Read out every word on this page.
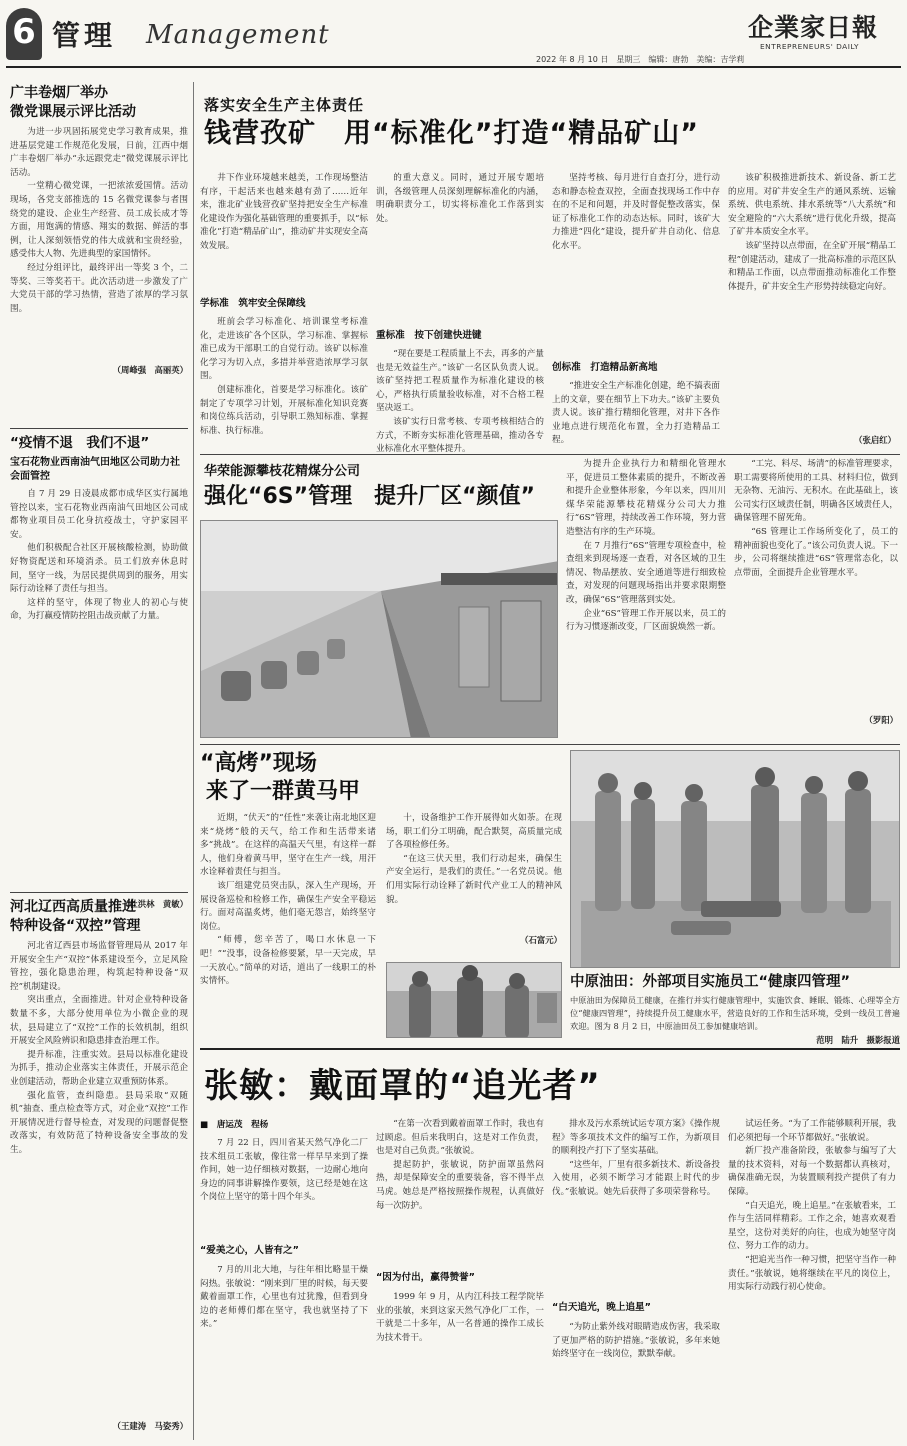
6 管理 Management	企業家日報
ENTREPRENEURS' DAILY
2022 年 8 月 10 日　星期三　编辑：唐勃　美编：吉学莉
广丰卷烟厂举办
微党课展示评比活动

为进一步巩固拓展党史学习教育成果，推进基层党建工作规范化发展，日前，江西中烟广丰卷烟厂举办“永远跟党走”微党课展示评比活动。

一堂精心微党课，一把浓浓爱国情。活动现场，各党支部推选的 15 名微党课参与者围绕党的建设、企业生产经营、员工成长成才等方面，用饱满的情感、翔实的数据、鲜活的事例，让人深刻领悟党的伟大成就和宝贵经验，感受伟大人物、先进典型的家国情怀。

经过分组评比，最终评出一等奖 3 个，二等奖、三等奖若干。此次活动进一步激发了广大党员干部的学习热情，营造了浓厚的学习氛围。

（周峰强　高丽英）
“疫情不退　我们不退”
宝石花物业西南油气田地区公司助力社会面管控

自 7 月 29 日凌晨成都市成华区实行属地管控以来，宝石花物业西南油气田地区公司成都物业项目员工化身抗疫战士，守护家园平安。

他们积极配合社区开展核酸检测，协助做好物资配送和环境消杀。员工们放弃休息时间，坚守一线，为居民提供周到的服务，用实际行动诠释了责任与担当。

这样的坚守，体现了物业人的初心与使命，为打赢疫情防控阻击战贡献了力量。

（杜洪林　黄敏）
河北辽西高质量推进
特种设备“双控”管理

河北省辽西县市场监督管理局从 2017 年开展安全生产“双控”体系建设至今，立足风险管控，强化隐患治理，构筑起特种设备“双控”机制建设。

突出重点，全面推进。针对企业特种设备数量不多，大部分使用单位为小微企业的现状，县局建立了“双控”工作的长效机制，组织开展安全风险辨识和隐患排查治理工作。

提升标准，注重实效。县局以标准化建设为抓手，推动企业落实主体责任，开展示范企业创建活动，帮助企业建立双重预防体系。

强化监管，查纠隐患。县局采取“双随机”抽查、重点检查等方式，对企业“双控”工作开展情况进行督导检查，对发现的问题督促整改落实，有效防范了特种设备安全事故的发生。

（王建涛　马姿秀）
落实安全生产主体责任
钱营孜矿　用“标准化”打造“精品矿山”

井下作业环境越来越美，工作现场整洁有序，干起活来也越来越有劲了……近年来，淮北矿业钱营孜矿坚持把安全生产标准化建设作为强化基础管理的重要抓手，以“标准化”打造“精品矿山”，推动矿井实现安全高效发展。

学标准　筑牢安全保障线

班前会学习标准化、培训课堂考标准化，走进该矿各个区队，学习标准、掌握标准已成为干部职工的自觉行动。该矿以标准化学习为切入点，多措并举营造浓厚学习氛围。

创建标准化，首要是学习标准化。该矿制定了专项学习计划，开展标准化知识竞赛和岗位练兵活动，引导职工熟知标准、掌握标准、执行标准。

的重大意义。同时，通过开展专题培训，各级管理人员深刻理解标准化的内涵，明确职责分工，切实将标准化工作落到实处。

重标准　按下创建快进键

“现在要是工程质量上不去，再多的产量也是无效益生产。”该矿一名区队负责人说。该矿坚持把工程质量作为标准化建设的核心，严格执行质量验收标准，对不合格工程坚决返工。

该矿实行日常考核、专项考核相结合的方式，不断夯实标准化管理基础，推动各专业标准化水平整体提升。

坚持考核、每月进行自查打分，进行动态和静态检查双控，全面查找现场工作中存在的不足和问题，并及时督促整改落实，保证了标准化工作的动态达标。同时，该矿大力推进“四化”建设，提升矿井自动化、信息化水平。

创标准　打造精品新高地

“推进安全生产标准化创建，绝不搞表面上的文章，要在细节上下功夫。”该矿主要负责人说。该矿推行精细化管理，对井下各作业地点进行规范化布置，全力打造精品工程。

该矿积极推进新技术、新设备、新工艺的应用。对矿井安全生产的通风系统、运输系统、供电系统、排水系统等“八大系统”和安全避险的“六大系统”进行优化升级，提高了矿井本质安全水平。

该矿坚持以点带面，在全矿开展“精品工程”创建活动，建成了一批高标准的示范区队和精品工作面，以点带面推动标准化工作整体提升，矿井安全生产形势持续稳定向好。

（张启红）
华荣能源攀枝花精煤分公司
强化“6S”管理　提升厂区“颜值”

为提升企业执行力和精细化管理水平，促进员工整体素质的提升，不断改善和提升企业整体形象，今年以来，四川川煤华荣能源攀枝花精煤分公司大力推行“6S”管理，持续改善工作环境，努力营造整洁有序的生产环境。

在 7 月推行“6S”管理专项检查中，检查组来到现场逐一查看，对各区域的卫生情况、物品摆放、安全通道等进行细致检查，对发现的问题现场指出并要求限期整改，确保“6S”管理落到实处。

企业“6S”管理工作开展以来，员工的行为习惯逐渐改变，厂区面貌焕然一新。

“工完、料尽、场清”的标准管理要求，职工需要将所使用的工具、材料归位，做到无杂物、无油污、无积水。在此基础上，该公司实行区域责任制，明确各区域责任人，确保管理不留死角。

“6S 管理让工作场所变化了，员工的精神面貌也变化了。”该公司负责人说。下一步，公司将继续推进“6S”管理常态化，以点带面，全面提升企业管理水平。

（罗阳）
“高烤”现场
来了一群黄马甲

近期，“伏天”的“任性”来袭让南北地区迎来“烧烤”般的天气，给工作和生活带来诸多“挑战”。在这样的高温天气里，有这样一群人，他们身着黄马甲，坚守在生产一线，用汗水诠释着责任与担当。

该厂组建党员突击队，深入生产现场，开展设备巡检和检修工作，确保生产安全平稳运行。面对高温炙烤，他们毫无怨言，始终坚守岗位。

“师傅，您辛苦了，喝口水休息一下吧！”“没事，设备检修要紧，早一天完成，早一天放心。”简单的对话，道出了一线职工的朴实情怀。

十，设备维护工作开展得如火如荼。在现场，职工们分工明确，配合默契，高质量完成了各项检修任务。

“在这三伏天里，我们行动起来，确保生产安全运行，是我们的责任。”一名党员说。他们用实际行动诠释了新时代产业工人的精神风貌。

（石富元）
中原油田：外部项目实施员工“健康四管理”
中原油田为保障员工健康，在推行并实行健康管理中，实施饮食、睡眠、锻炼、心理等全方位“健康四管理”，持续提升员工健康水平，营造良好的工作和生活环境，受到一线员工普遍欢迎。图为 8 月 2 日，中原油田员工参加健康培训。
范明　陆升　摄影报道
张敏：戴面罩的“追光者”
■　唐运茂　程杨

7 月 22 日，四川省某天然气净化二厂技术组员工张敏，像往常一样早早来到了操作间，她一边仔细核对数据，一边耐心地向身边的同事讲解操作要领，这已经是她在这个岗位上坚守的第十四个年头。

“爱美之心，人皆有之”

7 月的川北大地，与往年相比略显干燥闷热。张敏说：“刚来到厂里的时候，每天要戴着面罩工作，心里也有过犹豫，但看到身边的老师傅们都在坚守，我也就坚持了下来。”

“在第一次看到戴着面罩工作时，我也有过顾虑。但后来我明白，这是对工作负责，也是对自己负责。”张敏说。

提起防护，张敏说，防护面罩虽然闷热，却是保障安全的重要装备，容不得半点马虎。她总是严格按照操作规程，认真做好每一次防护。

“因为付出，赢得赞誉”

1999 年 9 月，从内江科技工程学院毕业的张敏，来到这家天然气净化厂工作，一干就是二十多年，从一名普通的操作工成长为技术骨干。

排水及污水系统试运专项方案》《操作规程》等多项技术文件的编写工作，为新项目的顺利投产打下了坚实基础。

“这些年，厂里有很多新技术、新设备投入使用，必须不断学习才能跟上时代的步伐。”张敏说。她先后获得了多项荣誉称号。

“白天追光，晚上追星”

“为防止紫外线对眼睛造成伤害，我采取了更加严格的防护措施。”张敏说，多年来她始终坚守在一线岗位，默默奉献。

试运任务。“为了工作能够顺利开展，我们必须把每一个环节都做好。”张敏说。

新厂投产准备阶段，张敏参与编写了大量的技术资料，对每一个数据都认真核对，确保准确无误，为装置顺利投产提供了有力保障。

“白天追光，晚上追星。”在张敏看来，工作与生活同样精彩。工作之余，她喜欢观看星空，这份对美好的向往，也成为她坚守岗位、努力工作的动力。

“把追光当作一种习惯，把坚守当作一种责任。”张敏说，她将继续在平凡的岗位上，用实际行动践行初心使命。
